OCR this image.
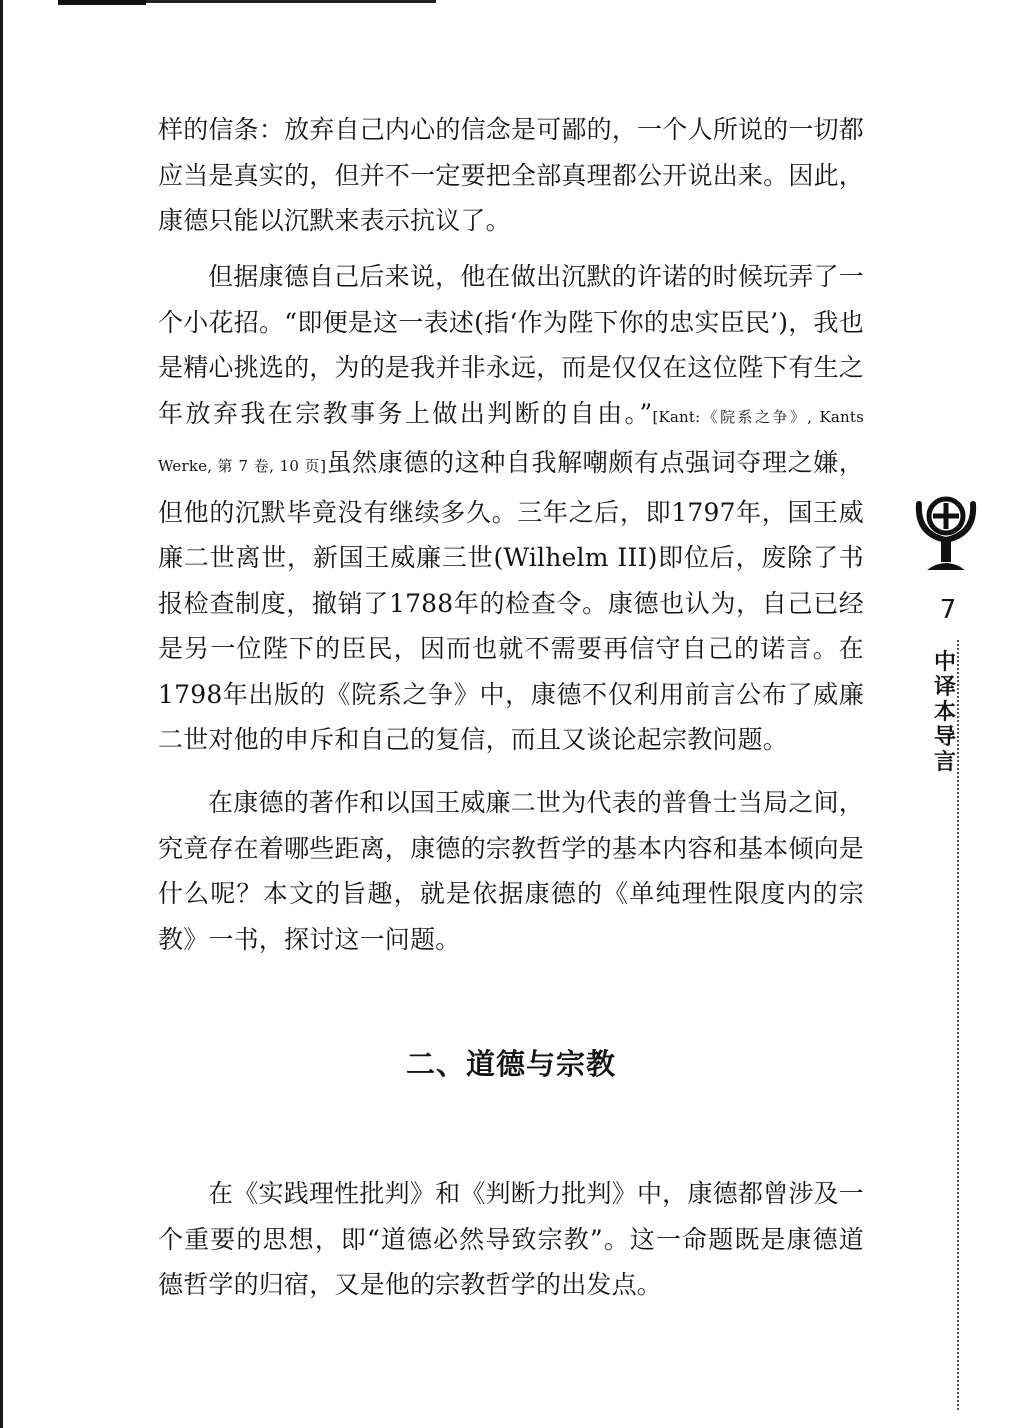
样的信条：放弃自己内心的信念是可鄙的，一个人所说的一切都应当是真实的，但并不一定要把全部真理都公开说出来。因此，康德只能以沉默来表示抗议了。

但据康德自己后来说，他在做出沉默的许诺的时候玩弄了一个小花招。“即便是这一表述(指‘作为陛下你的忠实臣民’)，我也是精心挑选的，为的是我并非永远，而是仅仅在这位陛下有生之年放弃我在宗教事务上做出判断的自由。”[Kant:《院系之争》, Kants Werke, 第 7 卷, 10 页]虽然康德的这种自我解嘲颇有点强词夺理之嫌，但他的沉默毕竟没有继续多久。三年之后，即1797年，国王威廉二世离世，新国王威廉三世(Wilhelm III)即位后，废除了书报检查制度，撤销了1788年的检查令。康德也认为，自己已经是另一位陛下的臣民，因而也就不需要再信守自己的诺言。在1798年出版的《院系之争》中，康德不仅利用前言公布了威廉二世对他的申斥和自己的复信，而且又谈论起宗教问题。

在康德的著作和以国王威廉二世为代表的普鲁士当局之间，究竟存在着哪些距离，康德的宗教哲学的基本内容和基本倾向是什么呢？本文的旨趣，就是依据康德的《单纯理性限度内的宗教》一书，探讨这一问题。

二、道德与宗教

在《实践理性批判》和《判断力批判》中，康德都曾涉及一个重要的思想，即“道德必然导致宗教”。这一命题既是康德道德哲学的归宿，又是他的宗教哲学的出发点。

7
中译本导言
